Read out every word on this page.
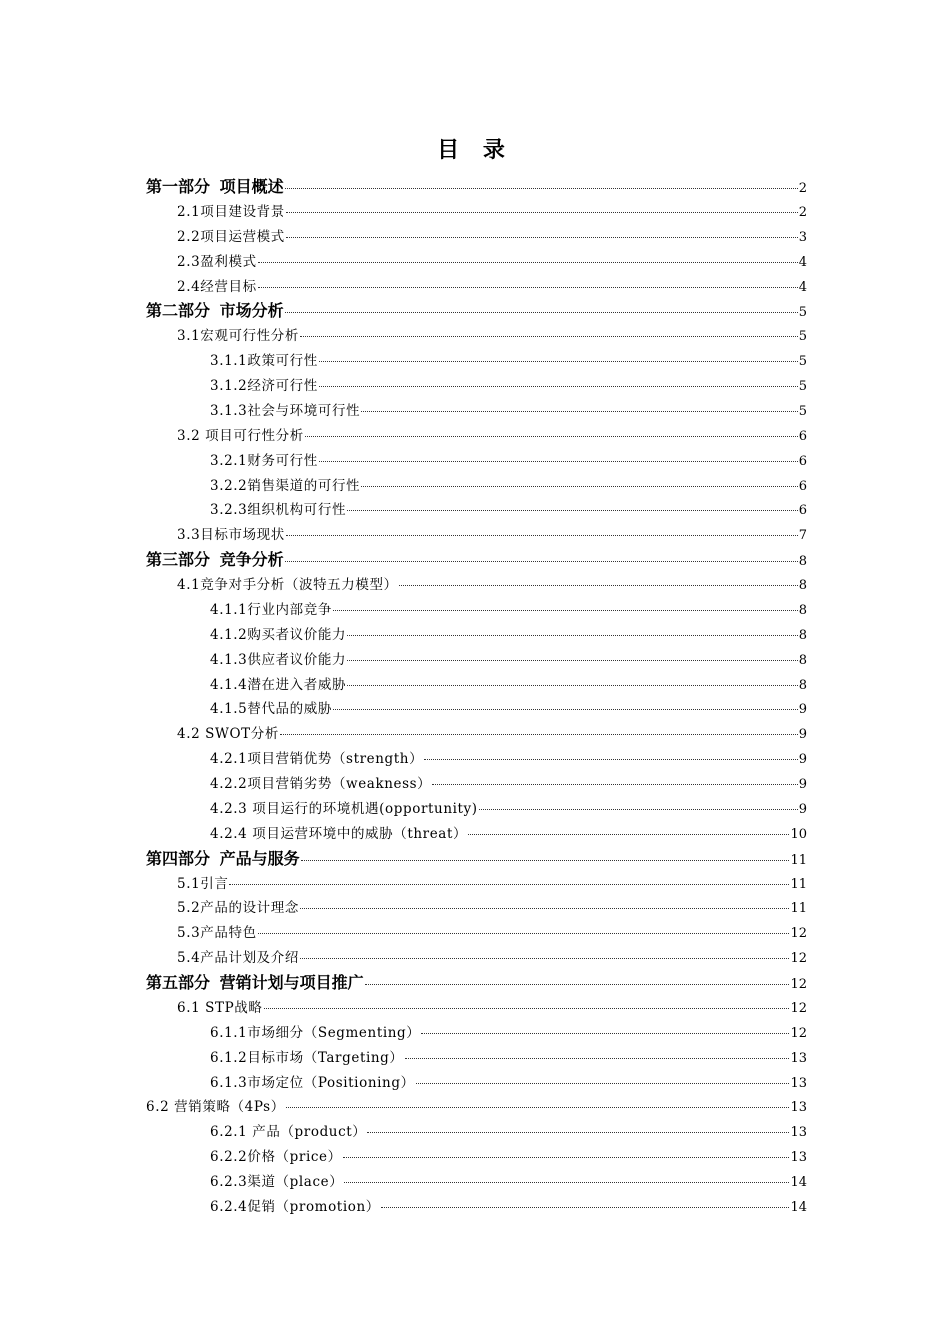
目 录
第一部分 项目概述	2
2.1项目建设背景	2
2.2项目运营模式	3
2.3盈利模式	4
2.4经营目标	4
第二部分 市场分析	5
3.1宏观可行性分析	5
3.1.1政策可行性	5
3.1.2经济可行性	5
3.1.3社会与环境可行性	5
3.2 项目可行性分析	6
3.2.1财务可行性	6
3.2.2销售渠道的可行性	6
3.2.3组织机构可行性	6
3.3目标市场现状	7
第三部分 竞争分析	8
4.1竞争对手分析（波特五力模型）	8
4.1.1行业内部竞争	8
4.1.2购买者议价能力	8
4.1.3供应者议价能力	8
4.1.4潜在进入者威胁	8
4.1.5替代品的威胁	9
4.2 SWOT分析	9
4.2.1项目营销优势（strength）	9
4.2.2项目营销劣势（weakness）	9
4.2.3 项目运行的环境机遇(opportunity)	9
4.2.4 项目运营环境中的威胁（threat）	10
第四部分 产品与服务	11
5.1引言	11
5.2产品的设计理念	11
5.3产品特色	12
5.4产品计划及介绍	12
第五部分 营销计划与项目推广	12
6.1 STP战略	12
6.1.1市场细分（Segmenting）	12
6.1.2目标市场（Targeting）	13
6.1.3市场定位（Positioning）	13
6.2 营销策略（4Ps）	13
6.2.1 产品（product）	13
6.2.2价格（price）	13
6.2.3渠道（place）	14
6.2.4促销（promotion）	14
